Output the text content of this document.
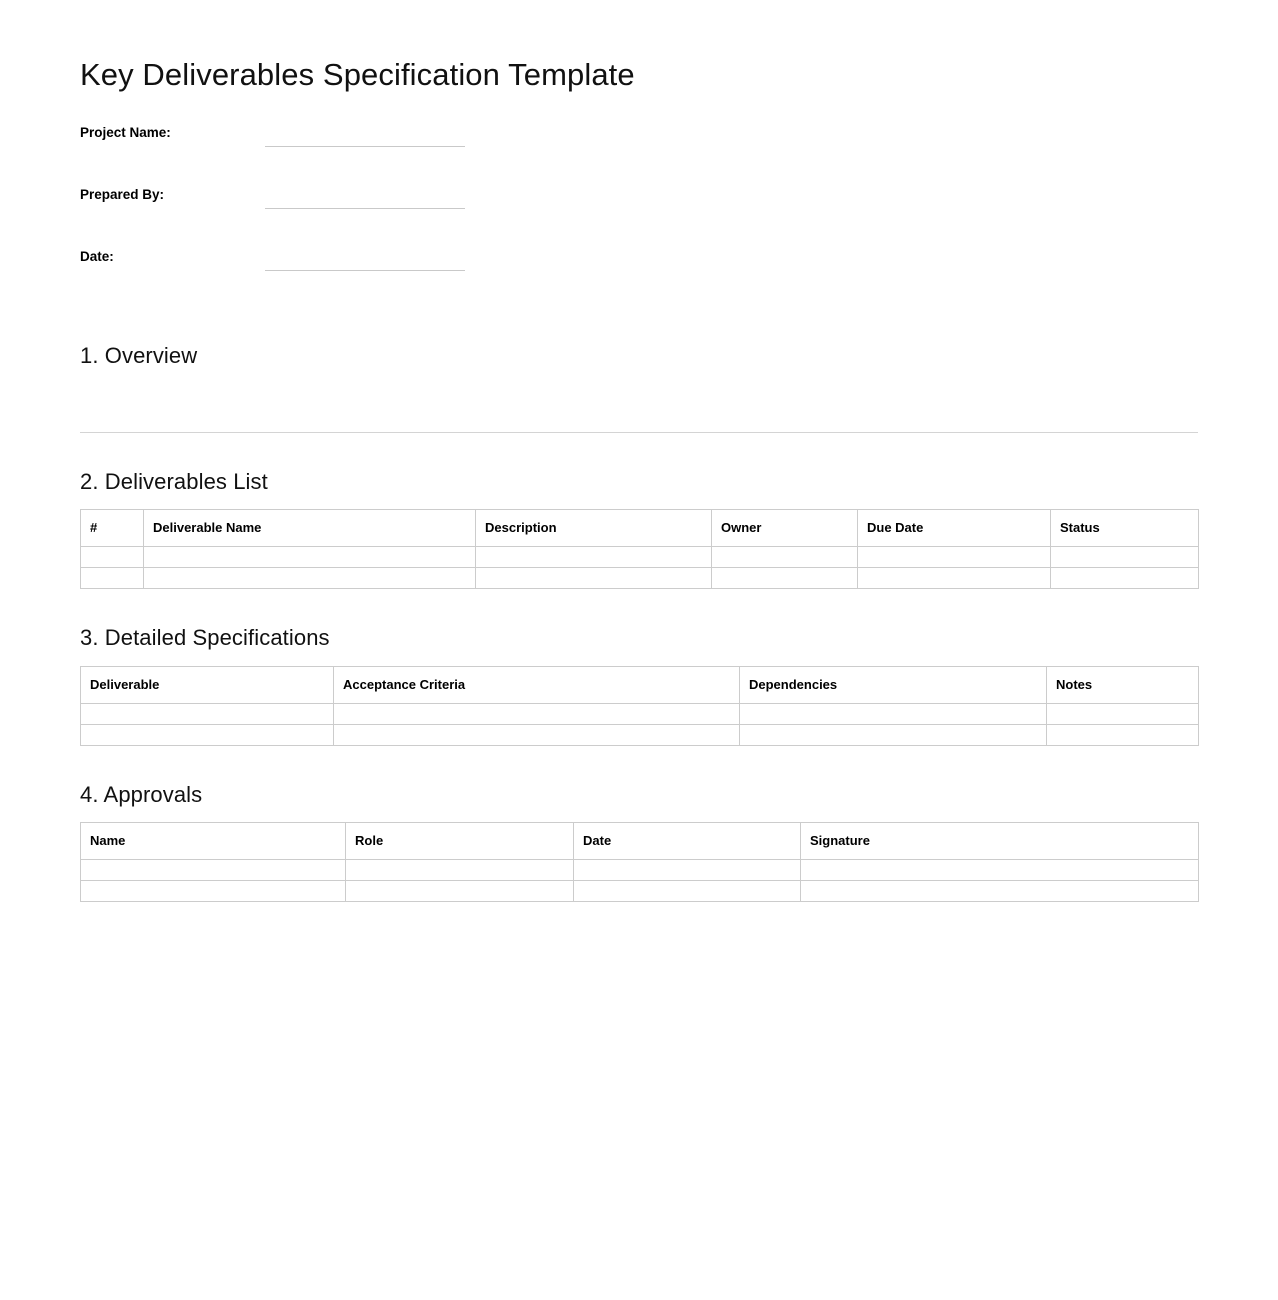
Key Deliverables Specification Template
Project Name:
Prepared By:
Date:
1. Overview
2. Deliverables List
#	Deliverable Name	Description	Owner	Due Date	Status

3. Detailed Specifications
Deliverable	Acceptance Criteria	Dependencies	Notes

4. Approvals
Name	Role	Date	Signature
